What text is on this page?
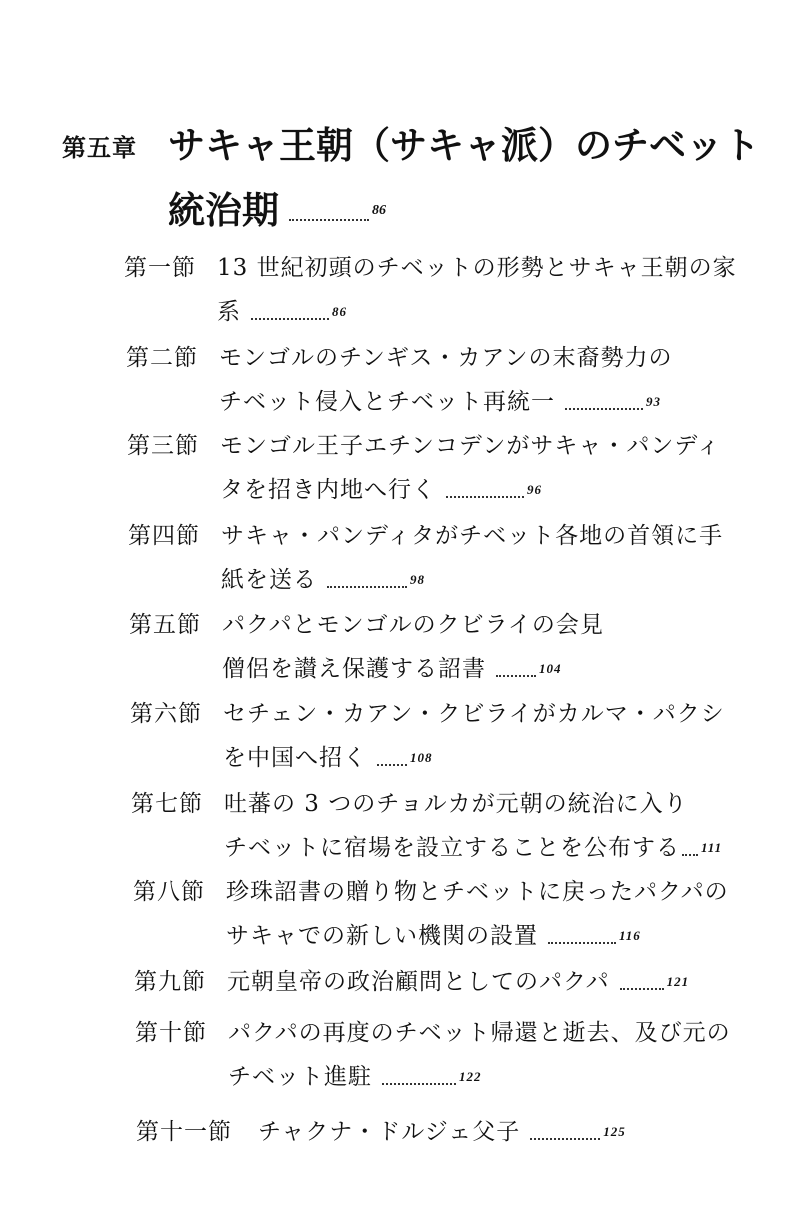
第五章 サキャ王朝（サキャ派）のチベット
統治期	86
第一節 13 世紀初頭のチベットの形勢とサキャ王朝の家
系	86
第二節 モンゴルのチンギス・カアンの末裔勢力の
チベット侵入とチベット再統一	93
第三節 モンゴル王子エチンコデンがサキャ・パンディ
タを招き内地へ行く	96
第四節 サキャ・パンディタがチベット各地の首領に手
紙を送る	98
第五節 パクパとモンゴルのクビライの会見
僧侶を讃え保護する詔書	104
第六節 セチェン・カアン・クビライがカルマ・パクシ
を中国へ招く	108
第七節 吐蕃の 3 つのチョルカが元朝の統治に入り
チベットに宿場を設立することを公布する 111
第八節 珍珠詔書の贈り物とチベットに戻ったパクパの
サキャでの新しい機関の設置	116
第九節 元朝皇帝の政治顧問としてのパクパ	121
第十節 パクパの再度のチベット帰還と逝去、及び元の
チベット進駐	122
第十一節 チャクナ・ドルジェ父子	125
